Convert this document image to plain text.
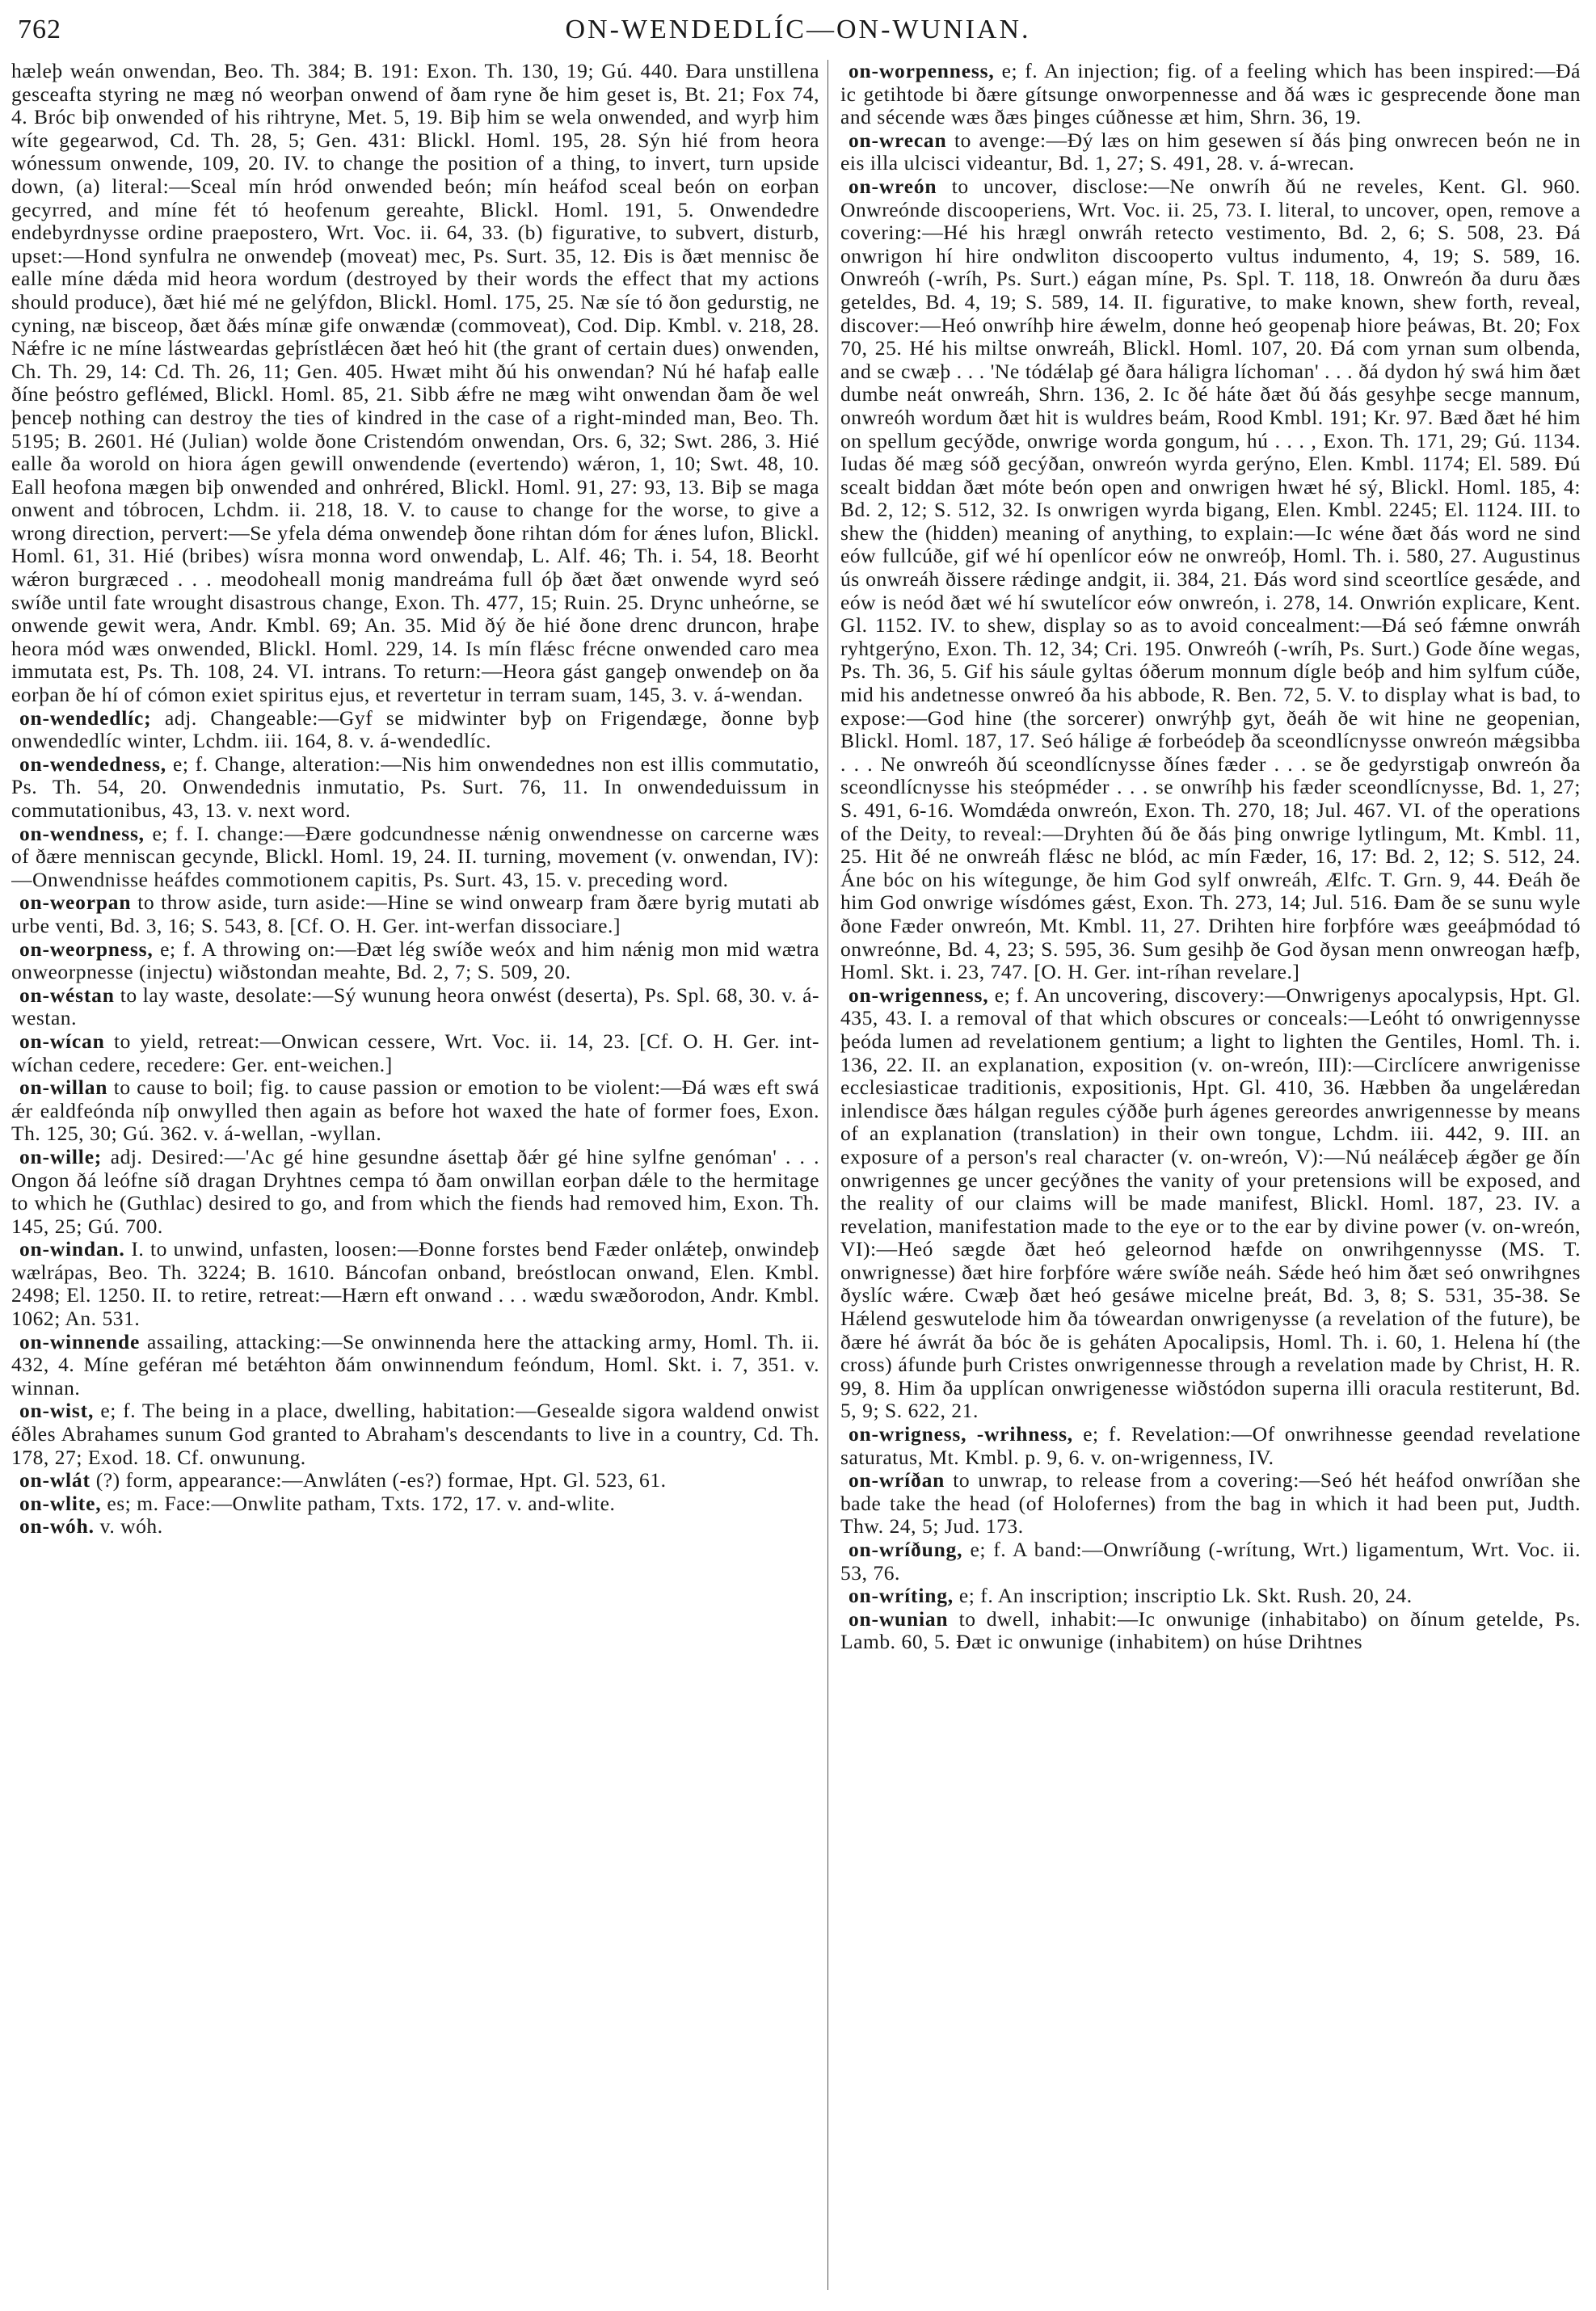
762	ON-WENDEDLÍC—ON-WUNIAN.

hæleþ weán onwendan, Beo. Th. 384; B. 191: Exon. Th. 130, 19; Gú. 440. Ðara unstillena gesceafta styring ne mæg nó weorþan onwend of ðam ryne ðe him geset is, Bt. 21; Fox 74, 4. Bróc biþ onwended of his rihtryne, Met. 5, 19. Biþ him se wela onwended, and wyrþ him wíte gegearwod, Cd. Th. 28, 5; Gen. 431: Blickl. Homl. 195, 28. Sýn hié from heora wónessum onwende, 109, 20. IV. to change the position of a thing, to invert, turn upside down, (a) literal:—Sceal mín hród onwended beón; mín heáfod sceal beón on eorþan gecyrred, and míne fét tó heofenum gereahte, Blickl. Homl. 191, 5. Onwendedre endebyrdnysse ordine praepostero, Wrt. Voc. ii. 64, 33. (b) figurative, to subvert, disturb, upset:—Hond synfulra ne onwendeþ (moveat) mec, Ps. Surt. 35, 12. Ðis is ðæt mennisc ðe ealle míne dǽda mid heora wordum (destroyed by their words the effect that my actions should produce), ðæt hié mé ne gelýfdon, Blickl. Homl. 175, 25. Næ síe tó ðon gedurstig, ne cyning, næ bisceop, ðæt ðǽs mínæ gife onwændæ (commoveat), Cod. Dip. Kmbl. v. 218, 28. Nǽfre ic ne míne lástweardas geþrístlǽcen ðæt heó hit (the grant of certain dues) onwenden, Ch. Th. 29, 14: Cd. Th. 26, 11; Gen. 405. Hwæt miht ðú his onwendan? Nú hé hafaþ ealle ðíne þeóstro gefléмed, Blickl. Homl. 85, 21. Sibb ǽfre ne mæg wiht onwendan ðam ðe wel þenceþ nothing can destroy the ties of kindred in the case of a right-minded man, Beo. Th. 5195; B. 2601. Hé (Julian) wolde ðone Cristendóm onwendan, Ors. 6, 32; Swt. 286, 3. Hié ealle ða worold on hiora ágen gewill onwendende (evertendo) wǽron, 1, 10; Swt. 48, 10. Eall heofona mægen biþ onwended and onhréred, Blickl. Homl. 91, 27: 93, 13. Biþ se maga onwent and tóbrocen, Lchdm. ii. 218, 18. V. to cause to change for the worse, to give a wrong direction, pervert:—Se yfela déma onwendeþ ðone rihtan dóm for ǽnes lufon, Blickl. Homl. 61, 31. Hié (bribes) wísra monna word onwendaþ, L. Alf. 46; Th. i. 54, 18. Beorht wǽron burgræced . . . meodoheall monig mandreáma full óþ ðæt ðæt onwende wyrd seó swíðe until fate wrought disastrous change, Exon. Th. 477, 15; Ruin. 25. Drync unheórne, se onwende gewit wera, Andr. Kmbl. 69; An. 35. Mid ðý ðe hié ðone drenc druncon, hraþe heora mód wæs onwended, Blickl. Homl. 229, 14. Is mín flǽsc frécne onwended caro mea immutata est, Ps. Th. 108, 24. VI. intrans. To return:—Heora gást gangeþ onwendeþ on ða eorþan ðe hí of cómon exiet spiritus ejus, et revertetur in terram suam, 145, 3. v. á-wendan.

on-wendedlíc; adj. Changeable:—Gyf se midwinter byþ on Frigendæge, ðonne byþ onwendedlíc winter, Lchdm. iii. 164, 8. v. á-wendedlíc.

on-wendedness, e; f. Change, alteration:—Nis him onwendednes non est illis commutatio, Ps. Th. 54, 20. Onwendednis inmutatio, Ps. Surt. 76, 11. In onwendeduissum in commutationibus, 43, 13. v. next word.

on-wendness, e; f. I. change:—Ðære godcundnesse nǽnig onwendnesse on carcerne wæs of ðære menniscan gecynde, Blickl. Homl. 19, 24. II. turning, movement (v. onwendan, IV):—Onwendnisse heáfdes commotionem capitis, Ps. Surt. 43, 15. v. preceding word.

on-weorpan to throw aside, turn aside:—Hine se wind onwearp fram ðære byrig mutati ab urbe venti, Bd. 3, 16; S. 543, 8. [Cf. O. H. Ger. int-werfan dissociare.]

on-weorpness, e; f. A throwing on:—Ðæt lég swíðe weóx and him nǽnig mon mid wætra onweorpnesse (injectu) wiðstondan meahte, Bd. 2, 7; S. 509, 20.

on-wéstan to lay waste, desolate:—Sý wunung heora onwést (deserta), Ps. Spl. 68, 30. v. á-westan.

on-wícan to yield, retreat:—Onwican cessere, Wrt. Voc. ii. 14, 23. [Cf. O. H. Ger. int-wíchan cedere, recedere: Ger. ent-weichen.]

on-willan to cause to boil; fig. to cause passion or emotion to be violent:—Ðá wæs eft swá ǽr ealdfeónda níþ onwylled then again as before hot waxed the hate of former foes, Exon. Th. 125, 30; Gú. 362. v. á-wellan, -wyllan.

on-wille; adj. Desired:—'Ac gé hine gesundne ásettaþ ðǽr gé hine sylfne genóman' . . . Ongon ðá leófne síð dragan Dryhtnes cempa tó ðam onwillan eorþan dǽle to the hermitage to which he (Guthlac) desired to go, and from which the fiends had removed him, Exon. Th. 145, 25; Gú. 700.

on-windan. I. to unwind, unfasten, loosen:—Ðonne forstes bend Fæder onlǽteþ, onwindeþ wælrápas, Beo. Th. 3224; B. 1610. Báncofan onband, breóstlocan onwand, Elen. Kmbl. 2498; El. 1250. II. to retire, retreat:—Hærn eft onwand . . . wædu swæðorodon, Andr. Kmbl. 1062; An. 531.

on-winnende assailing, attacking:—Se onwinnenda here the attacking army, Homl. Th. ii. 432, 4. Míne geféran mé betǽhton ðám onwinnendum feóndum, Homl. Skt. i. 7, 351. v. winnan.

on-wist, e; f. The being in a place, dwelling, habitation:—Gesealde sigora waldend onwist éðles Abrahames sunum God granted to Abraham's descendants to live in a country, Cd. Th. 178, 27; Exod. 18. Cf. onwunung.

on-wlát (?) form, appearance:—Anwláten (-es?) formae, Hpt. Gl. 523, 61.

on-wlite, es; m. Face:—Onwlite patham, Txts. 172, 17. v. and-wlite.

on-wóh. v. wóh.

on-worpenness, e; f. An injection; fig. of a feeling which has been inspired:—Ðá ic getihtode bi ðære gítsunge onworpennesse and ðá wæs ic gesprecende ðone man and sécende wæs ðæs þinges cúðnesse æt him, Shrn. 36, 19.

on-wrecan to avenge:—Ðý læs on him gesewen sí ðás þing onwrecen beón ne in eis illa ulcisci videantur, Bd. 1, 27; S. 491, 28. v. á-wrecan.

on-wreón to uncover, disclose:—Ne onwríh ðú ne reveles, Kent. Gl. 960. Onwreónde discooperiens, Wrt. Voc. ii. 25, 73. I. literal, to uncover, open, remove a covering:—Hé his hrægl onwráh retecto vestimento, Bd. 2, 6; S. 508, 23. Ðá onwrigon hí hire ondwliton discooperto vultus indumento, 4, 19; S. 589, 16. Onwreóh (-wríh, Ps. Surt.) eágan míne, Ps. Spl. T. 118, 18. Onwreón ða duru ðæs geteldes, Bd. 4, 19; S. 589, 14. II. figurative, to make known, shew forth, reveal, discover:—Heó onwríhþ hire ǽwelm, donne heó geopenaþ hiore þeáwas, Bt. 20; Fox 70, 25. Hé his miltse onwreáh, Blickl. Homl. 107, 20. Ðá com yrnan sum olbenda, and se cwæþ . . . 'Ne tódǽlaþ gé ðara háligra líchoman' . . . ðá dydon hý swá him ðæt dumbe neát onwreáh, Shrn. 136, 2. Ic ðé háte ðæt ðú ðás gesyhþe secge mannum, onwreóh wordum ðæt hit is wuldres beám, Rood Kmbl. 191; Kr. 97. Bæd ðæt hé him on spellum gecýðde, onwrige worda gongum, hú . . . , Exon. Th. 171, 29; Gú. 1134. Iudas ðé mæg sóð gecýðan, onwreón wyrda gerýno, Elen. Kmbl. 1174; El. 589. Ðú scealt biddan ðæt móte beón open and onwrigen hwæt hé sý, Blickl. Homl. 185, 4: Bd. 2, 12; S. 512, 32. Is onwrigen wyrda bigang, Elen. Kmbl. 2245; El. 1124. III. to shew the (hidden) meaning of anything, to explain:—Ic wéne ðæt ðás word ne sind eów fullcúðe, gif wé hí openlícor eów ne onwreóþ, Homl. Th. i. 580, 27. Augustinus ús onwreáh ðissere rǽdinge andgit, ii. 384, 21. Ðás word sind sceortlíce gesǽde, and eów is neód ðæt wé hí swutelícor eów onwreón, i. 278, 14. Onwrión explicare, Kent. Gl. 1152. IV. to shew, display so as to avoid concealment:—Ðá seó fǽmne onwráh ryhtgerýno, Exon. Th. 12, 34; Cri. 195. Onwreóh (-wríh, Ps. Surt.) Gode ðíne wegas, Ps. Th. 36, 5. Gif his sáule gyltas óðerum monnum dígle beóþ and him sylfum cúðe, mid his andetnesse onwreó ða his abbode, R. Ben. 72, 5. V. to display what is bad, to expose:—God hine (the sorcerer) onwrýhþ gyt, ðeáh ðe wit hine ne geopenian, Blickl. Homl. 187, 17. Seó hálige ǽ forbeódeþ ða sceondlícnysse onwreón mǽgsibba . . . Ne onwreóh ðú sceondlícnysse ðínes fæder . . . se ðe gedyrstigaþ onwreón ða sceondlícnysse his steópméder . . . se onwríhþ his fæder sceondlícnysse, Bd. 1, 27; S. 491, 6-16. Womdǽda onwreón, Exon. Th. 270, 18; Jul. 467. VI. of the operations of the Deity, to reveal:—Dryhten ðú ðe ðás þing onwrige lytlingum, Mt. Kmbl. 11, 25. Hit ðé ne onwreáh flǽsc ne blód, ac mín Fæder, 16, 17: Bd. 2, 12; S. 512, 24. Áne bóc on his wítegunge, ðe him God sylf onwreáh, Ælfc. T. Grn. 9, 44. Ðeáh ðe him God onwrige wísdómes gǽst, Exon. Th. 273, 14; Jul. 516. Ðam ðe se sunu wyle ðone Fæder onwreón, Mt. Kmbl. 11, 27. Drihten hire forþfóre wæs geeáþmódad tó onwreónne, Bd. 4, 23; S. 595, 36. Sum gesihþ ðe God ðysan menn onwreogan hæfþ, Homl. Skt. i. 23, 747. [O. H. Ger. int-ríhan revelare.]

on-wrigenness, e; f. An uncovering, discovery:—Onwrigenys apocalypsis, Hpt. Gl. 435, 43. I. a removal of that which obscures or conceals:—Leóht tó onwrigennysse þeóda lumen ad revelationem gentium; a light to lighten the Gentiles, Homl. Th. i. 136, 22. II. an explanation, exposition (v. on-wreón, III):—Circlícere anwrigenisse ecclesiasticae traditionis, expositionis, Hpt. Gl. 410, 36. Hæbben ða ungelǽredan inlendisce ðæs hálgan regules cýððe þurh ágenes gereordes anwrigennesse by means of an explanation (translation) in their own tongue, Lchdm. iii. 442, 9. III. an exposure of a person's real character (v. on-wreón, V):—Nú neálǽceþ ǽgðer ge ðín onwrigennes ge uncer gecýðnes the vanity of your pretensions will be exposed, and the reality of our claims will be made manifest, Blickl. Homl. 187, 23. IV. a revelation, manifestation made to the eye or to the ear by divine power (v. on-wreón, VI):—Heó sægde ðæt heó geleornod hæfde on onwrihgennysse (MS. T. onwrignesse) ðæt hire forþfóre wǽre swíðe neáh. Sǽde heó him ðæt seó onwrihgnes ðyslíc wǽre. Cwæþ ðæt heó gesáwe micelne þreát, Bd. 3, 8; S. 531, 35-38. Se Hǽlend geswutelode him ða tóweardan onwrigenysse (a revelation of the future), be ðære hé áwrát ða bóc ðe is geháten Apocalipsis, Homl. Th. i. 60, 1. Helena hí (the cross) áfunde þurh Cristes onwrigennesse through a revelation made by Christ, H. R. 99, 8. Him ða upplícan onwrigenesse wiðstódon superna illi oracula restiterunt, Bd. 5, 9; S. 622, 21.

on-wrigness, -wrihness, e; f. Revelation:—Of onwrihnesse geendad revelatione saturatus, Mt. Kmbl. p. 9, 6. v. on-wrigenness, IV.

on-wríðan to unwrap, to release from a covering:—Seó hét heáfod onwríðan she bade take the head (of Holofernes) from the bag in which it had been put, Judth. Thw. 24, 5; Jud. 173.

on-wríðung, e; f. A band:—Onwríðung (-wrítung, Wrt.) ligamentum, Wrt. Voc. ii. 53, 76.

on-wríting, e; f. An inscription; inscriptio Lk. Skt. Rush. 20, 24.

on-wunian to dwell, inhabit:—Ic onwunige (inhabitabo) on ðínum getelde, Ps. Lamb. 60, 5. Ðæt ic onwunige (inhabitem) on húse Drihtnes
